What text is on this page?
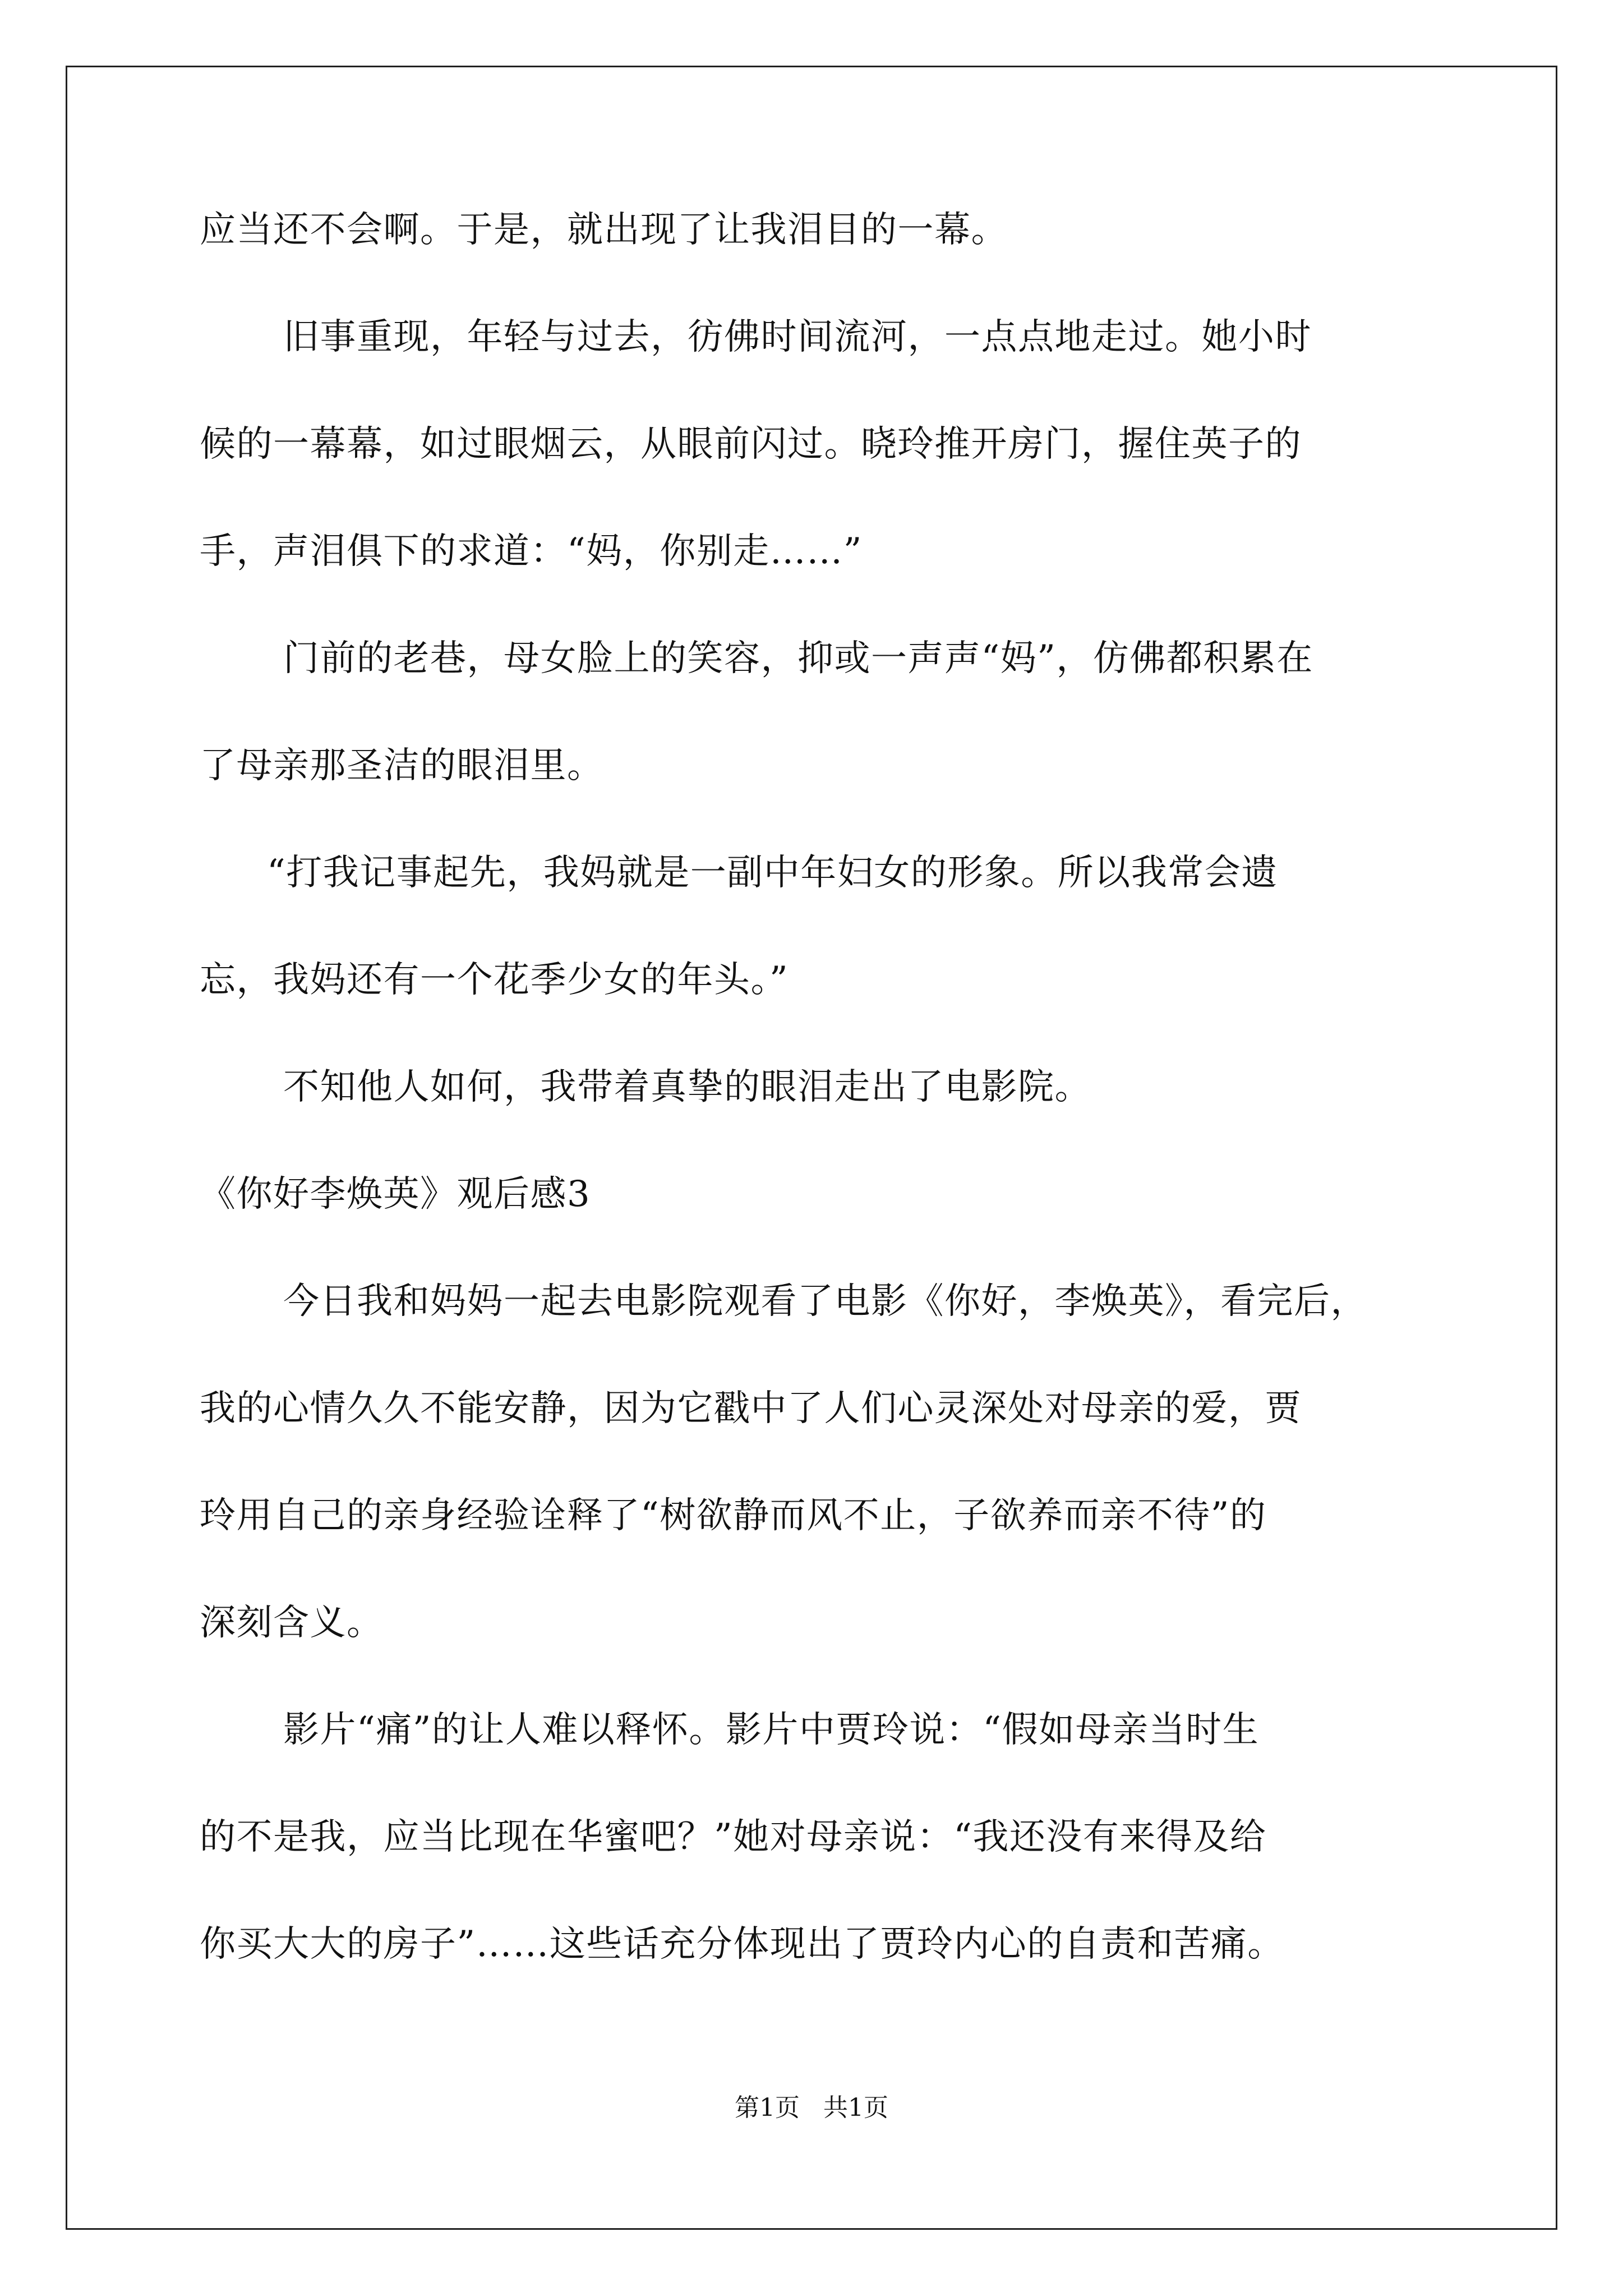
应当还不会啊。于是，就出现了让我泪目的一幕。
旧事重现，年轻与过去，彷佛时间流河，一点点地走过。她小时
候的一幕幕，如过眼烟云，从眼前闪过。晓玲推开房门，握住英子的
手，声泪俱下的求道：“妈，你别走……”
门前的老巷，母女脸上的笑容，抑或一声声“妈”，仿佛都积累在
了母亲那圣洁的眼泪里。
“打我记事起先，我妈就是一副中年妇女的形象。所以我常会遗
忘，我妈还有一个花季少女的年头。”
不知他人如何，我带着真挚的眼泪走出了电影院。
《你好李焕英》观后感3
今日我和妈妈一起去电影院观看了电影《你好，李焕英》，看完后，
我的心情久久不能安静，因为它戳中了人们心灵深处对母亲的爱，贾
玲用自己的亲身经验诠释了“树欲静而风不止，子欲养而亲不待”的
深刻含义。
影片“痛”的让人难以释怀。影片中贾玲说：“假如母亲当时生
的不是我，应当比现在华蜜吧？”她对母亲说：“我还没有来得及给
你买大大的房子”……这些话充分体现出了贾玲内心的自责和苦痛。
第1页   共1页
